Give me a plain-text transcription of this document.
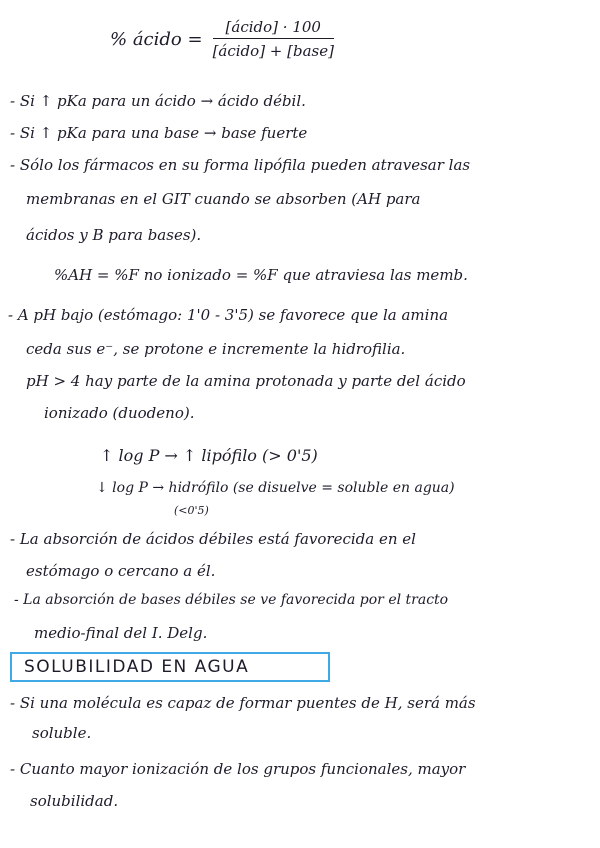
% ácido = $\frac{\text{[ácido] · 100}}{\text{[ácido] + [base]}}$
- Si ↑ pKa para un ácido → ácido débil.
- Si ↑ pKa para una base → base fuerte
- Sólo los fármacos en su forma lipófila pueden atravesar las
membranas en el GIT cuando se absorben (AH para
ácidos y B para bases).
%AH = %F no ionizado = %F que atraviesa las memb.
- A pH bajo (estómago: 1'0 - 3'5) se favorece que la amina
ceda sus e⁻, se protone e incremente la hidrofilia.
pH > 4 hay parte de la amina protonada y parte del ácido
ionizado (duodeno).
↑ log P → ↑ lipófilo (> 0'5)
↓ log P → hidrófilo (se disuelve = soluble en agua)
(<0'5)
- La absorción de ácidos débiles está favorecida en el
estómago o cercano a él.
- La absorción de bases débiles se ve favorecida por el tracto
medio-final del I. Delg.
SOLUBILIDAD EN AGUA
- Si una molécula es capaz de formar puentes de H, será más
soluble.
- Cuanto mayor ionización de los grupos funcionales, mayor
solubilidad.
